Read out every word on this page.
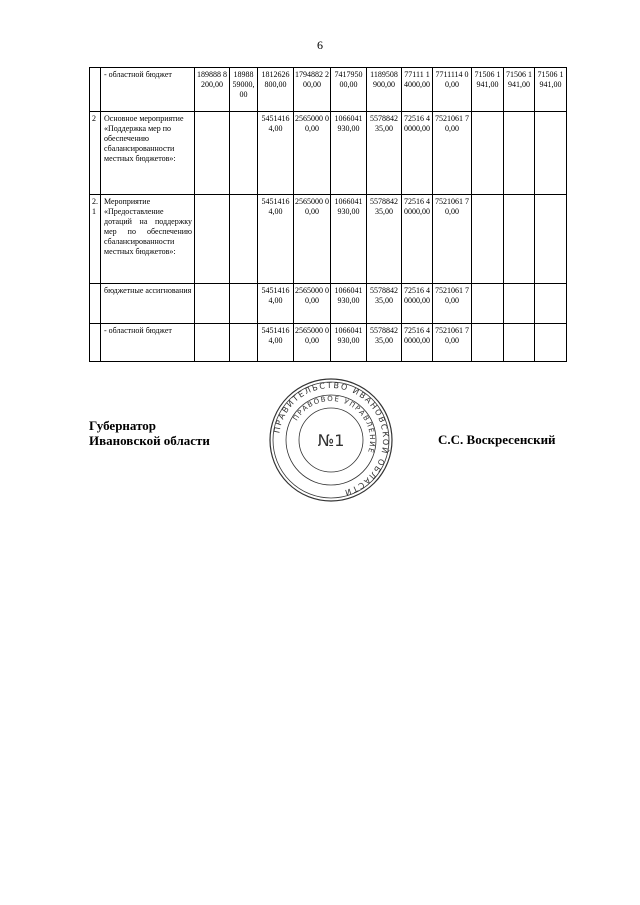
6
	- областной бюджет	189888 8200,00	18988 59000,00	1812626 800,00	1794882 200,00	7417950 00,00	1189508 900,00	77111 14000,00	7711114 00,00	71506 1941,00	71506 1941,00	71506 1941,00
2	Основное мероприятие «Поддержка мер по обеспечению сбалансированности местных бюджетов»:			5451416 4,00	2565000 00,00	1066041 930,00	5578842 35,00	72516 40000,00	7521061 70,00			
2.1	Мероприятие «Предоставление дотаций на поддержку мер по обеспечению сбалансированности местных бюджетов»:			5451416 4,00	2565000 00,00	1066041 930,00	5578842 35,00	72516 40000,00	7521061 70,00			
	бюджетные ассигнования			5451416 4,00	2565000 00,00	1066041 930,00	5578842 35,00	72516 40000,00	7521061 70,00			
	- областной бюджет			5451416 4,00	2565000 00,00	1066041 930,00	5578842 35,00	72516 40000,00	7521061 70,00			
Губернатор
Ивановской области
ПРАВИТЕЛЬСТВО ИВАНОВСКОЙ ОБЛАСТИ
ПРАВОВОЕ УПРАВЛЕНИЕ
№1	С.С. Воскресенский
